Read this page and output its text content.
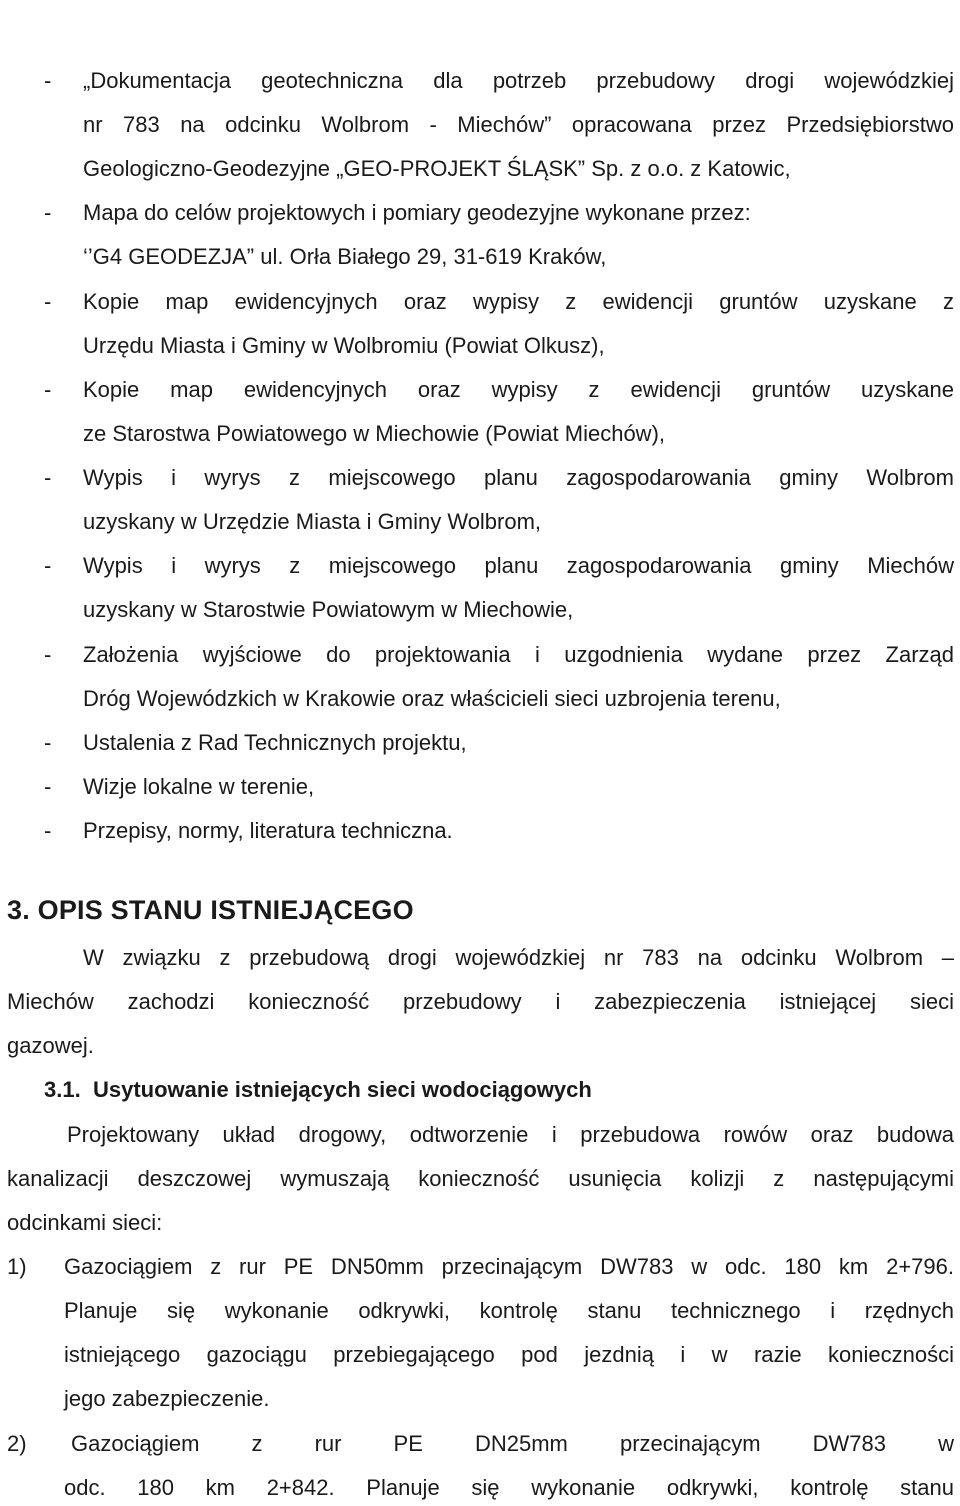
- „Dokumentacja geotechniczna dla potrzeb przebudowy drogi wojewódzkiej
nr 783 na odcinku Wolbrom - Miechów” opracowana przez Przedsiębiorstwo
Geologiczno-Geodezyjne „GEO-PROJEKT ŚLĄSK” Sp. z o.o. z Katowic,
- Mapa do celów projektowych i pomiary geodezyjne wykonane przez:
‘’G4 GEODEZJA” ul. Orła Białego 29, 31-619 Kraków,
- Kopie map ewidencyjnych oraz wypisy z ewidencji gruntów uzyskane z
Urzędu Miasta i Gminy w Wolbromiu (Powiat Olkusz),
- Kopie map ewidencyjnych oraz wypisy z ewidencji gruntów uzyskane
ze Starostwa Powiatowego w Miechowie (Powiat Miechów),
- Wypis i wyrys z miejscowego planu zagospodarowania gminy Wolbrom
uzyskany w Urzędzie Miasta i Gminy Wolbrom,
- Wypis i wyrys z miejscowego planu zagospodarowania gminy Miechów
uzyskany w Starostwie Powiatowym w Miechowie,
- Założenia wyjściowe do projektowania i uzgodnienia wydane przez Zarząd
Dróg Wojewódzkich w Krakowie oraz właścicieli sieci uzbrojenia terenu,
- Ustalenia z Rad Technicznych projektu,
- Wizje lokalne w terenie,
- Przepisy, normy, literatura techniczna.
3. OPIS STANU ISTNIEJĄCEGO
W związku z przebudową drogi wojewódzkiej nr 783 na odcinku Wolbrom –
Miechów zachodzi konieczność przebudowy i zabezpieczenia istniejącej sieci
gazowej.
3.1. Usytuowanie istniejących sieci wodociągowych
Projektowany układ drogowy, odtworzenie i przebudowa rowów oraz budowa
kanalizacji deszczowej wymuszają konieczność usunięcia kolizji z następującymi
odcinkami sieci:
1) Gazociągiem z rur PE DN50mm przecinającym DW783 w odc. 180 km 2+796.
Planuje się wykonanie odkrywki, kontrolę stanu technicznego i rzędnych
istniejącego gazociągu przebiegającego pod jezdnią i w razie konieczności
jego zabezpieczenie.
2) Gazociągiem z rur PE DN25mm przecinającym DW783 w
odc. 180 km 2+842. Planuje się wykonanie odkrywki, kontrolę stanu
